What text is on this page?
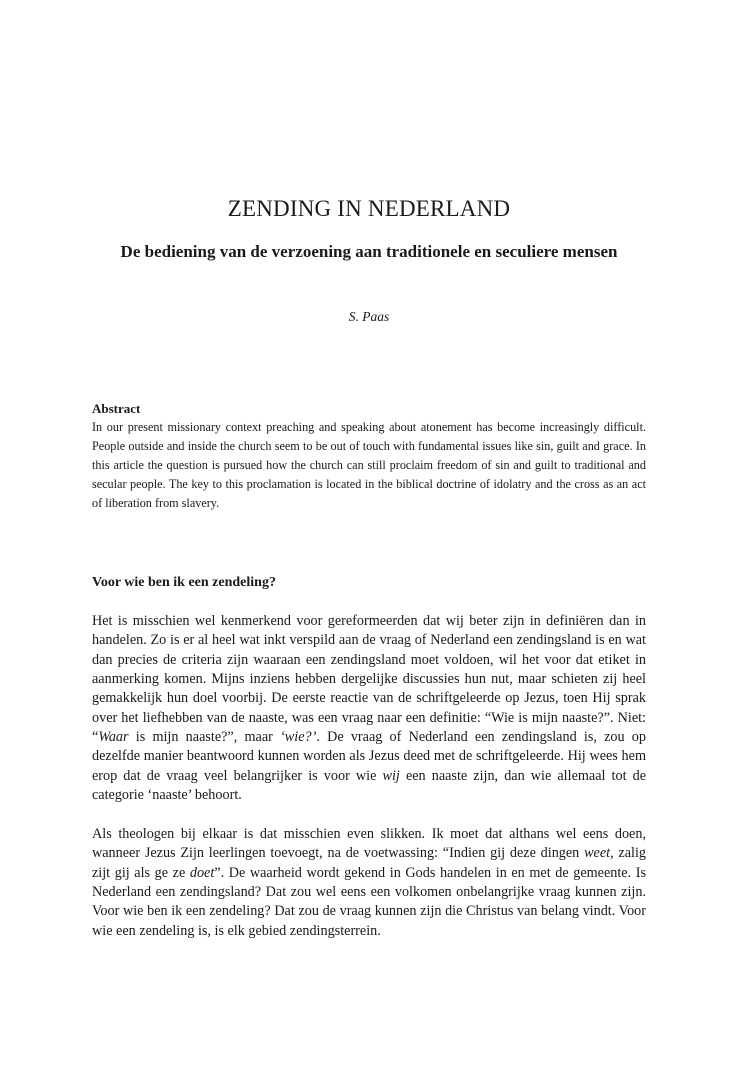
ZENDING IN NEDERLAND
De bediening van de verzoening aan traditionele en seculiere mensen
S. Paas
Abstract

In our present missionary context preaching and speaking about atonement has become increasingly difficult. People outside and inside the church seem to be out of touch with fundamental issues like sin, guilt and grace. In this article the question is pursued how the church can still proclaim freedom of sin and guilt to traditional and secular people. The key to this proclamation is located in the biblical doctrine of idolatry and the cross as an act of liberation from slavery.

Voor wie ben ik een zendeling?

Het is misschien wel kenmerkend voor gereformeerden dat wij beter zijn in definiëren dan in handelen. Zo is er al heel wat inkt verspild aan de vraag of Nederland een zendingsland is en wat dan precies de criteria zijn waaraan een zendingsland moet voldoen, wil het voor dat etiket in aanmerking komen. Mijns inziens hebben dergelijke discussies hun nut, maar schieten zij heel gemakkelijk hun doel voorbij. De eerste reactie van de schriftgeleerde op Jezus, toen Hij sprak over het liefhebben van de naaste, was een vraag naar een definitie: “Wie is mijn naaste?”. Niet: “Waar is mijn naaste?”, maar ‘wie?’. De vraag of Nederland een zendingsland is, zou op dezelfde manier beantwoord kunnen worden als Jezus deed met de schriftgeleerde. Hij wees hem erop dat de vraag veel belangrijker is voor wie wij een naaste zijn, dan wie allemaal tot de categorie ‘naaste’ behoort.

Als theologen bij elkaar is dat misschien even slikken. Ik moet dat althans wel eens doen, wanneer Jezus Zijn leerlingen toevoegt, na de voetwassing: “Indien gij deze dingen weet, zalig zijt gij als ge ze doet”. De waarheid wordt gekend in Gods handelen in en met de gemeente. Is Nederland een zendingsland? Dat zou wel eens een volkomen onbelangrijke vraag kunnen zijn. Voor wie ben ik een zendeling? Dat zou de vraag kunnen zijn die Christus van belang vindt. Voor wie een zendeling is, is elk gebied zendingsterrein.
